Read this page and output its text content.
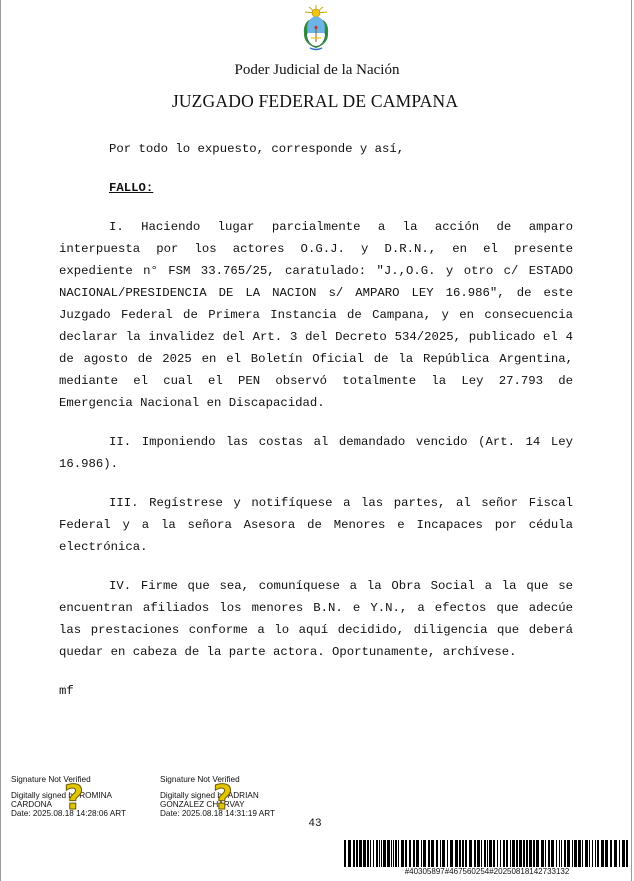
Poder Judicial de la Nación
JUZGADO FEDERAL DE CAMPANA

Por todo lo expuesto, corresponde y así,

FALLO:

I. Haciendo lugar parcialmente a la acción de amparo interpuesta por los actores O.G.J. y D.R.N., en el presente expediente n° FSM 33.765/25, caratulado: "J.,O.G. y otro c/ ESTADO NACIONAL/PRESIDENCIA DE LA NACION s/ AMPARO LEY 16.986", de este Juzgado Federal de Primera Instancia de Campana, y en consecuencia declarar la invalidez del Art. 3 del Decreto 534/2025, publicado el 4 de agosto de 2025 en el Boletín Oficial de la República Argentina, mediante el cual el PEN observó totalmente la Ley 27.793 de Emergencia Nacional en Discapacidad.

II. Imponiendo las costas al demandado vencido (Art. 14 Ley 16.986).

III. Regístrese y notifíquese a las partes, al señor Fiscal Federal y a la señora Asesora de Menores e Incapaces por cédula electrónica.

IV. Firme que sea, comuníquese a la Obra Social a la que se encuentran afiliados los menores B.N. e Y.N., a efectos que adecúe las prestaciones conforme a lo aquí decidido, diligencia que deberá quedar en cabeza de la parte actora. Oportunamente, archívese.

mf

Signature Not Verified
Digitally signed by ROMINA
CARDONA
Date: 2025.08.18 14:28:06 ART
?	Signature Not Verified
Digitally signed by ADRIAN
GONZALEZ CHARVAY
Date: 2025.08.18 14:31:19 ART
?
43
#40305897#467560254#20250818142733132
